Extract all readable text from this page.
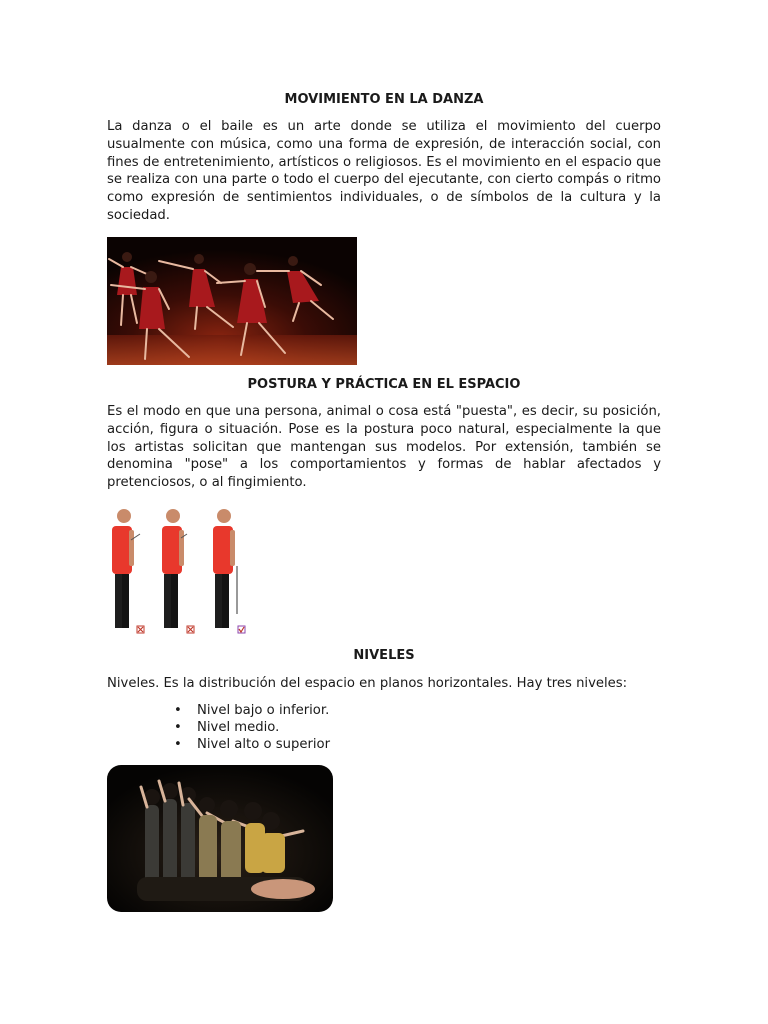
MOVIMIENTO EN LA DANZA

La danza o el baile es un arte donde se utiliza el movimiento del cuerpo usualmente con música, como una forma de expresión, de interacción social, con fines de entretenimiento, artísticos o religiosos. Es el movimiento en el espacio que se realiza con una parte o todo el cuerpo del ejecutante, con cierto compás o ritmo como expresión de sentimientos individuales, o de símbolos de la cultura y la sociedad.

POSTURA Y PRÁCTICA EN EL ESPACIO

Es el modo en que una persona, animal o cosa está "puesta", es decir, su posición, acción, figura o situación. Pose es la postura poco natural, especialmente la que los artistas solicitan que mantengan sus modelos. Por extensión, también se denomina "pose" a los comportamientos y formas de hablar afectados y pretenciosos, o al fingimiento.

NIVELES

Niveles. Es la distribución del espacio en planos horizontales. Hay tres niveles:

• Nivel bajo o inferior.
• Nivel medio.
• Nivel alto o superior
